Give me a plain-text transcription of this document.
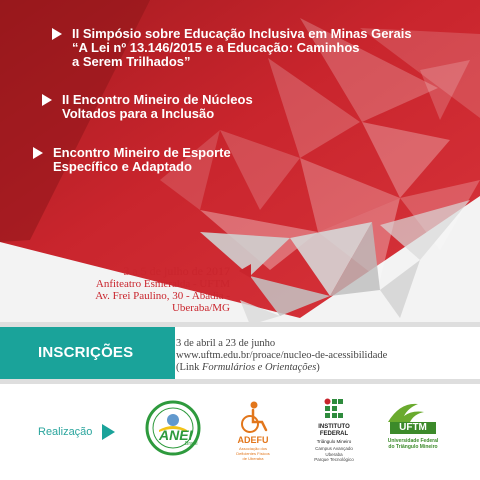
II Simpósio sobre Educação Inclusiva em Minas Gerais
“A Lei nº 13.146/2015 e a Educação: Caminhos
a Serem Trilhados”
II Encontro Mineiro de Núcleos
Voltados para a Inclusão
Encontro Mineiro de Esporte
Específico e Adaptado
3 a 5 de julho de 2017
Anfiteatro Esmeralda - UFTM
Av. Frei Paulino, 30 - Abadia - Uberaba/MG
INSCRIÇÕES
3 de abril a 23 de junho
www.uftm.edu.br/proace/nucleo-de-acessibilidade
(Link Formulários e Orientações)
Realização	ANEI
Brasil	ADEFU
Associação dos
Deficientes Físicos
de Uberaba
INSTITUTO
FEDERAL
Triângulo Mineiro
Campus Avançado
Uberaba
Parque Tecnológico
UFTM
Universidade Federal
do Triângulo Mineiro
